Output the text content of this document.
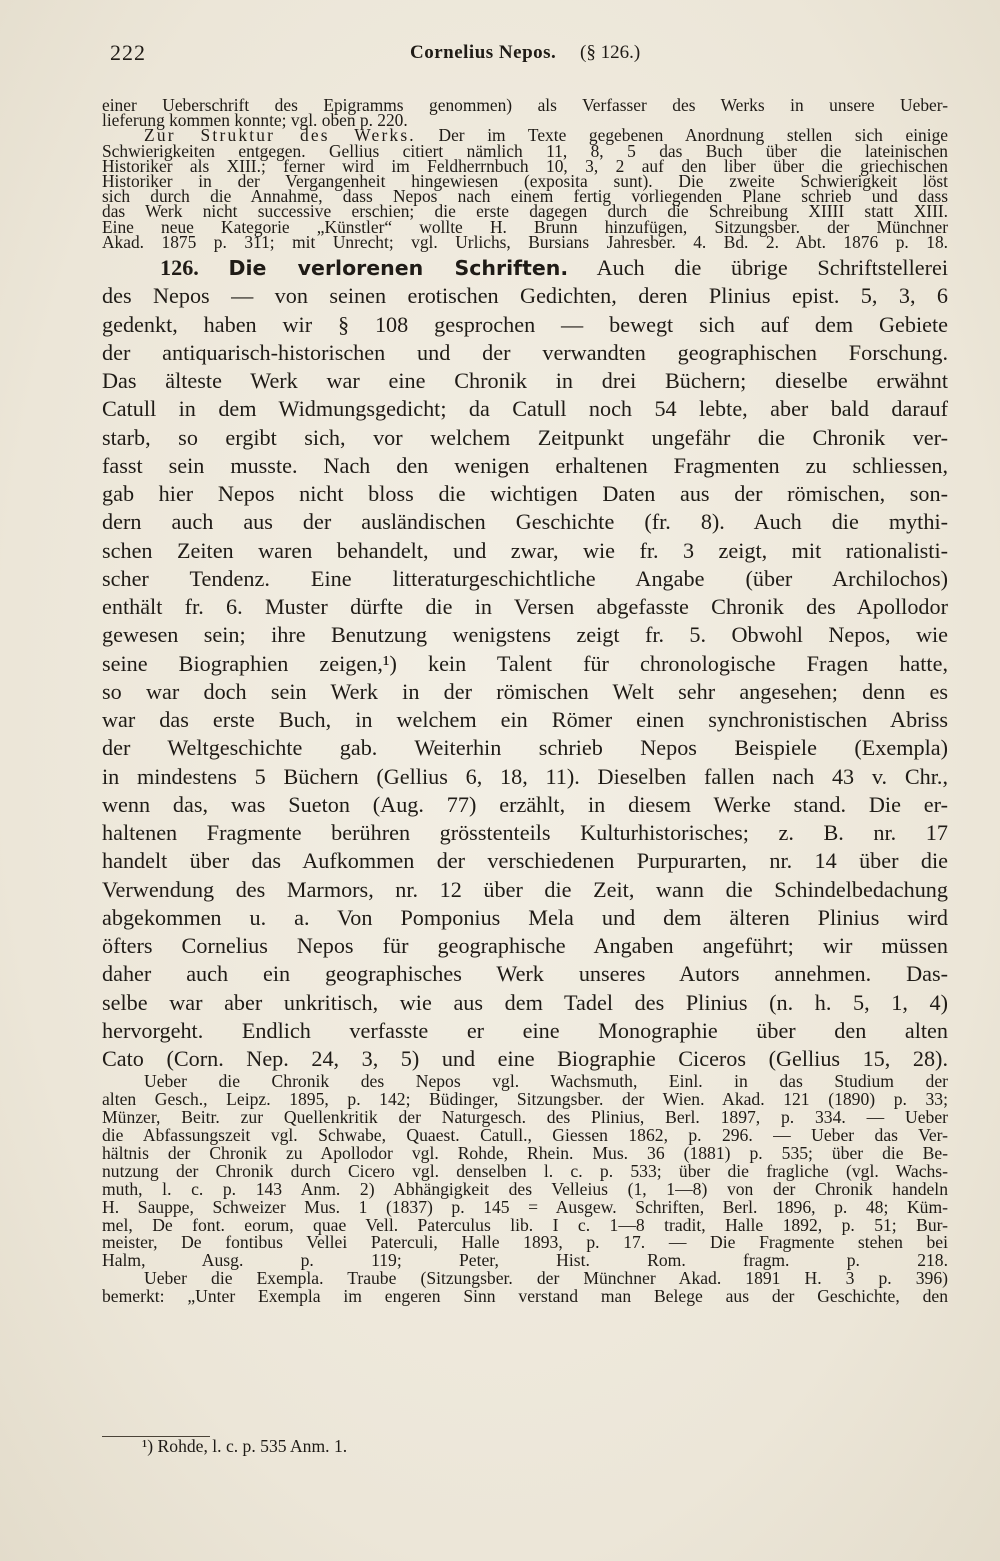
222	Cornelius Nepos. (§ 126.)
einer Ueberschrift des Epigramms genommen) als Verfasser des Werks in unsere Ueber-
lieferung kommen konnte; vgl. oben p. 220.
Zur Struktur des Werks. Der im Texte gegebenen Anordnung stellen sich einige
Schwierigkeiten entgegen. Gellius citiert nämlich 11, 8, 5 das Buch über die lateinischen
Historiker als XIII.; ferner wird im Feldherrnbuch 10, 3, 2 auf den liber über die griechischen
Historiker in der Vergangenheit hingewiesen (exposita sunt). Die zweite Schwierigkeit löst
sich durch die Annahme, dass Nepos nach einem fertig vorliegenden Plane schrieb und dass
das Werk nicht successive erschien; die erste dagegen durch die Schreibung XIIII statt XIII.
Eine neue Kategorie „Künstler“ wollte H. Brunn hinzufügen, Sitzungsber. der Münchner
Akad. 1875 p. 311; mit Unrecht; vgl. Urlichs, Bursians Jahresber. 4. Bd. 2. Abt. 1876 p. 18.
126. Die verlorenen Schriften. Auch die übrige Schriftstellerei
des Nepos — von seinen erotischen Gedichten, deren Plinius epist. 5, 3, 6
gedenkt, haben wir § 108 gesprochen — bewegt sich auf dem Gebiete
der antiquarisch-historischen und der verwandten geographischen Forschung.
Das älteste Werk war eine Chronik in drei Büchern; dieselbe erwähnt
Catull in dem Widmungsgedicht; da Catull noch 54 lebte, aber bald darauf
starb, so ergibt sich, vor welchem Zeitpunkt ungefähr die Chronik ver-
fasst sein musste. Nach den wenigen erhaltenen Fragmenten zu schliessen,
gab hier Nepos nicht bloss die wichtigen Daten aus der römischen, son-
dern auch aus der ausländischen Geschichte (fr. 8). Auch die mythi-
schen Zeiten waren behandelt, und zwar, wie fr. 3 zeigt, mit rationalisti-
scher Tendenz. Eine litteraturgeschichtliche Angabe (über Archilochos)
enthält fr. 6. Muster dürfte die in Versen abgefasste Chronik des Apollodor
gewesen sein; ihre Benutzung wenigstens zeigt fr. 5. Obwohl Nepos, wie
seine Biographien zeigen,¹) kein Talent für chronologische Fragen hatte,
so war doch sein Werk in der römischen Welt sehr angesehen; denn es
war das erste Buch, in welchem ein Römer einen synchronistischen Abriss
der Weltgeschichte gab. Weiterhin schrieb Nepos Beispiele (Exempla)
in mindestens 5 Büchern (Gellius 6, 18, 11). Dieselben fallen nach 43 v. Chr.,
wenn das, was Sueton (Aug. 77) erzählt, in diesem Werke stand. Die er-
haltenen Fragmente berühren grösstenteils Kulturhistorisches; z. B. nr. 17
handelt über das Aufkommen der verschiedenen Purpurarten, nr. 14 über die
Verwendung des Marmors, nr. 12 über die Zeit, wann die Schindelbedachung
abgekommen u. a. Von Pomponius Mela und dem älteren Plinius wird
öfters Cornelius Nepos für geographische Angaben angeführt; wir müssen
daher auch ein geographisches Werk unseres Autors annehmen. Das-
selbe war aber unkritisch, wie aus dem Tadel des Plinius (n. h. 5, 1, 4)
hervorgeht. Endlich verfasste er eine Monographie über den alten
Cato (Corn. Nep. 24, 3, 5) und eine Biographie Ciceros (Gellius 15, 28).
Ueber die Chronik des Nepos vgl. Wachsmuth, Einl. in das Studium der
alten Gesch., Leipz. 1895, p. 142; Büdinger, Sitzungsber. der Wien. Akad. 121 (1890) p. 33;
Münzer, Beitr. zur Quellenkritik der Naturgesch. des Plinius, Berl. 1897, p. 334. — Ueber
die Abfassungszeit vgl. Schwabe, Quaest. Catull., Giessen 1862, p. 296. — Ueber das Ver-
hältnis der Chronik zu Apollodor vgl. Rohde, Rhein. Mus. 36 (1881) p. 535; über die Be-
nutzung der Chronik durch Cicero vgl. denselben l. c. p. 533; über die fragliche (vgl. Wachs-
muth, l. c. p. 143 Anm. 2) Abhängigkeit des Velleius (1, 1—8) von der Chronik handeln
H. Sauppe, Schweizer Mus. 1 (1837) p. 145 = Ausgew. Schriften, Berl. 1896, p. 48; Küm-
mel, De font. eorum, quae Vell. Paterculus lib. I c. 1—8 tradit, Halle 1892, p. 51; Bur-
meister, De fontibus Vellei Paterculi, Halle 1893, p. 17. — Die Fragmente stehen bei
Halm, Ausg. p. 119; Peter, Hist. Rom. fragm. p. 218.
Ueber die Exempla. Traube (Sitzungsber. der Münchner Akad. 1891 H. 3 p. 396)
bemerkt: „Unter Exempla im engeren Sinn verstand man Belege aus der Geschichte, den
¹) Rohde, l. c. p. 535 Anm. 1.
